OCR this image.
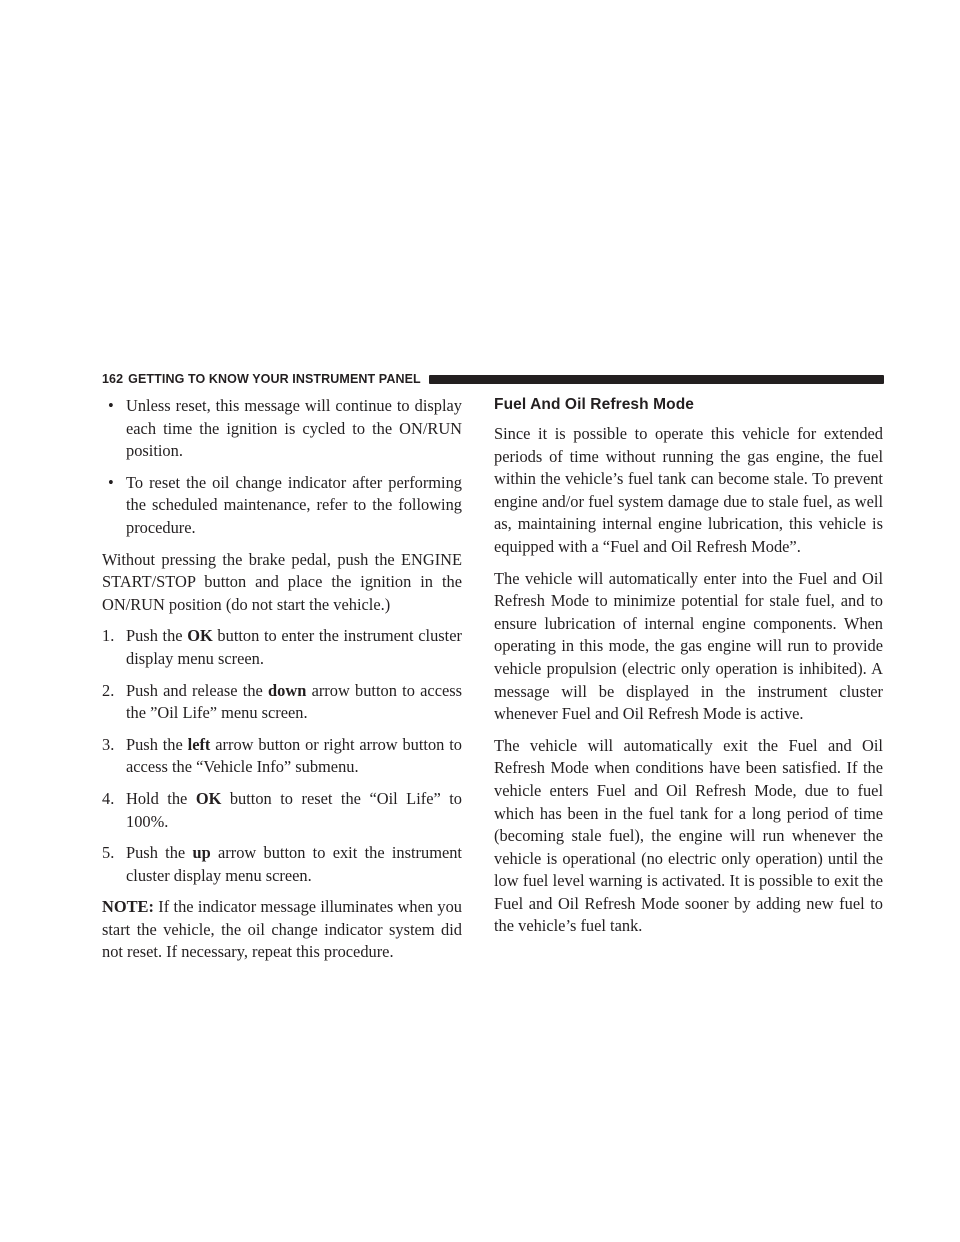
162 GETTING TO KNOW YOUR INSTRUMENT PANEL
• Unless reset, this message will continue to display each time the ignition is cycled to the ON/RUN position.
• To reset the oil change indicator after performing the scheduled maintenance, refer to the following procedure.

Without pressing the brake pedal, push the ENGINE START/STOP button and place the ignition in the ON/RUN position (do not start the vehicle.)

1. Push the OK button to enter the instrument cluster display menu screen.
2. Push and release the down arrow button to access the ”Oil Life” menu screen.
3. Push the left arrow button or right arrow button to access the “Vehicle Info” submenu.
4. Hold the OK button to reset the “Oil Life” to 100%.
5. Push the up arrow button to exit the instrument cluster display menu screen.

NOTE: If the indicator message illuminates when you start the vehicle, the oil change indicator system did not reset. If necessary, repeat this procedure.

Fuel And Oil Refresh Mode

Since it is possible to operate this vehicle for extended periods of time without running the gas engine, the fuel within the vehicle’s fuel tank can become stale. To prevent engine and/or fuel system damage due to stale fuel, as well as, maintaining internal engine lubrication, this vehicle is equipped with a “Fuel and Oil Refresh Mode”.

The vehicle will automatically enter into the Fuel and Oil Refresh Mode to minimize potential for stale fuel, and to ensure lubrication of internal engine components. When operating in this mode, the gas engine will run to provide vehicle propulsion (electric only operation is inhibited). A message will be displayed in the instrument cluster whenever Fuel and Oil Refresh Mode is active.

The vehicle will automatically exit the Fuel and Oil Refresh Mode when conditions have been satisfied. If the vehicle enters Fuel and Oil Refresh Mode, due to fuel which has been in the fuel tank for a long period of time (becoming stale fuel), the engine will run whenever the vehicle is operational (no electric only operation) until the low fuel level warning is activated. It is possible to exit the Fuel and Oil Refresh Mode sooner by adding new fuel to the vehicle’s fuel tank.
